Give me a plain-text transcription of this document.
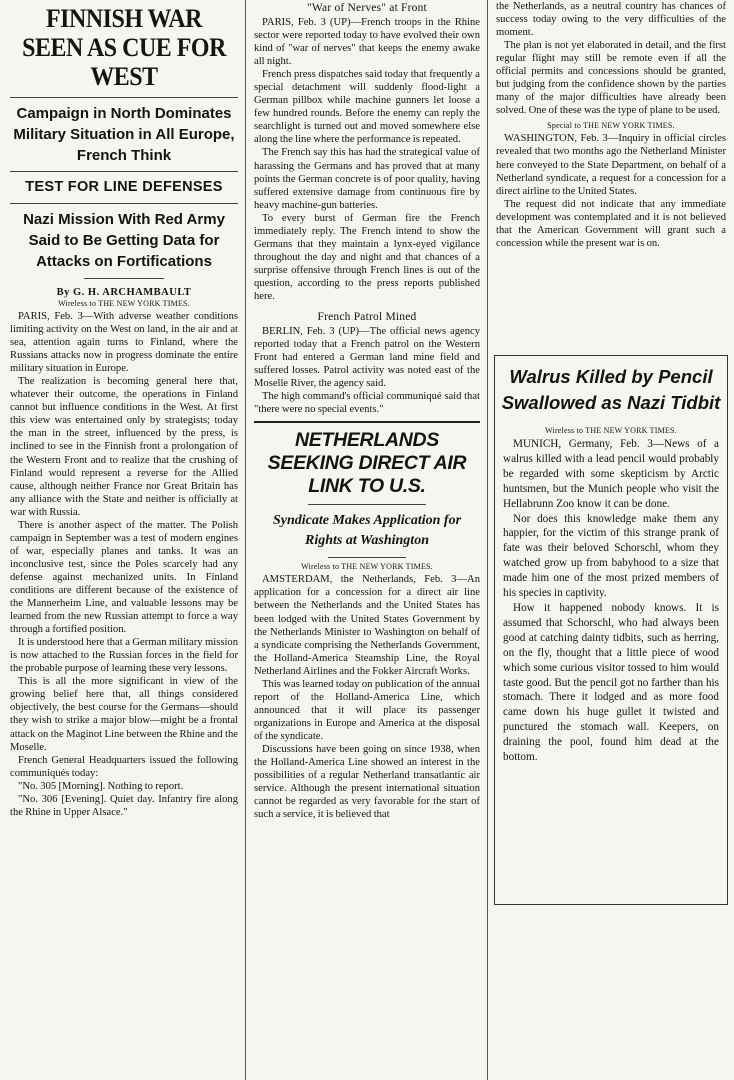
FINNISH WAR SEEN AS CUE FOR WEST
Campaign in North Dominates Military Situation in All Europe, French Think
TEST FOR LINE DEFENSES
Nazi Mission With Red Army Said to Be Getting Data for Attacks on Fortifications
By G. H. ARCHAMBAULT
Wireless to THE NEW YORK TIMES.

PARIS, Feb. 3—With adverse weather conditions limiting activity on the West on land, in the air and at sea, attention again turns to Finland, where the Russians attacks now in progress dominate the entire military situation in Europe.

The realization is becoming general here that, whatever their outcome, the operations in Finland cannot but influence conditions in the West. At first this view was entertained only by strategists; today the man in the street, influenced by the press, is inclined to see in the Finnish front a prolongation of the Western Front and to realize that the crushing of Finland would represent a reverse for the Allied cause, although neither France nor Great Britain has any alliance with the State and neither is officially at war with Russia.

There is another aspect of the matter. The Polish campaign in September was a test of modern engines of war, especially planes and tanks. It was an inconclusive test, since the Poles scarcely had any defense against mechanized units. In Finland conditions are different because of the existence of the Mannerheim Line, and valuable lessons may be learned from the new Russian attempt to force a way through a fortified position.

It is understood here that a German military mission is now attached to the Russian forces in the field for the probable purpose of learning these very lessons.

This is all the more significant in view of the growing belief here that, all things considered objectively, the best course for the Germans—should they wish to strike a major blow—might be a frontal attack on the Maginot Line between the Rhine and the Moselle.

French General Headquarters issued the following communiqués today:

"No. 305 [Morning]. Nothing to report.

"No. 306 [Evening]. Quiet day. Infantry fire along the Rhine in Upper Alsace."

"War of Nerves" at Front

PARIS, Feb. 3 (UP)—French troops in the Rhine sector were reported today to have evolved their own kind of "war of nerves" that keeps the enemy awake all night.

French press dispatches said today that frequently a special detachment will suddenly flood-light a German pillbox while machine gunners let loose a few hundred rounds. Before the enemy can reply the searchlight is turned out and moved somewhere else along the line where the performance is repeated.

The French say this has had the strategical value of harassing the Germans and has proved that at many points the German concrete is of poor quality, having suffered extensive damage from continuous fire by heavy machine-gun batteries.

To every burst of German fire the French immediately reply. The French intend to show the Germans that they maintain a lynx-eyed vigilance throughout the day and night and that chances of a surprise offensive through French lines is out of the question, according to the press reports published here.

French Patrol Mined

BERLIN, Feb. 3 (UP)—The official news agency reported today that a French patrol on the Western Front had entered a German land mine field and suffered losses. Patrol activity was noted east of the Moselle River, the agency said.

The high command's official communiqué said that "there were no special events."

NETHERLANDS SEEKING DIRECT AIR LINK TO U.S.
Syndicate Makes Application for Rights at Washington
Wireless to THE NEW YORK TIMES.

AMSTERDAM, the Netherlands, Feb. 3—An application for a concession for a direct air line between the Netherlands and the United States has been lodged with the United States Government by the Netherlands Minister to Washington on behalf of a syndicate comprising the Netherlands Government, the Holland-America Steamship Line, the Royal Netherland Airlines and the Fokker Aircraft Works.

This was learned today on publication of the annual report of the Holland-America Line, which announced that it will place its passenger organizations in Europe and America at the disposal of the syndicate.

Discussions have been going on since 1938, when the Holland-America Line showed an interest in the possibilities of a regular Netherland transatlantic air service. Although the present international situation cannot be regarded as very favorable for the start of such a service, it is believed that

the Netherlands, as a neutral country has chances of success today owing to the very difficulties of the moment.

The plan is not yet elaborated in detail, and the first regular flight may still be remote even if all the official permits and concessions should be granted, but judging from the confidence shown by the parties many of the major difficulties have already been solved. One of these was the type of plane to be used.

Special to THE NEW YORK TIMES.

WASHINGTON, Feb. 3—Inquiry in official circles revealed that two months ago the Netherland Minister here conveyed to the State Department, on behalf of a Netherland syndicate, a request for a concession for a direct airline to the United States.

The request did not indicate that any immediate development was contemplated and it is not believed that the American Government will grant such a concession while the present war is on.

Walrus Killed by Pencil Swallowed as Nazi Tidbit
Wireless to THE NEW YORK TIMES.

MUNICH, Germany, Feb. 3—News of a walrus killed with a lead pencil would probably be regarded with some skepticism by Arctic huntsmen, but the Munich people who visit the Hellabrunn Zoo know it can be done.

Nor does this knowledge make them any happier, for the victim of this strange prank of fate was their beloved Schorschl, whom they watched grow up from babyhood to a size that made him one of the most prized members of his species in captivity.

How it happened nobody knows. It is assumed that Schorschl, who had always been good at catching dainty tidbits, such as herring, on the fly, thought that a little piece of wood which some curious visitor tossed to him would taste good. But the pencil got no farther than his stomach. There it lodged and as more food came down his huge gullet it twisted and punctured the stomach wall. Keepers, on draining the pool, found him dead at the bottom.
